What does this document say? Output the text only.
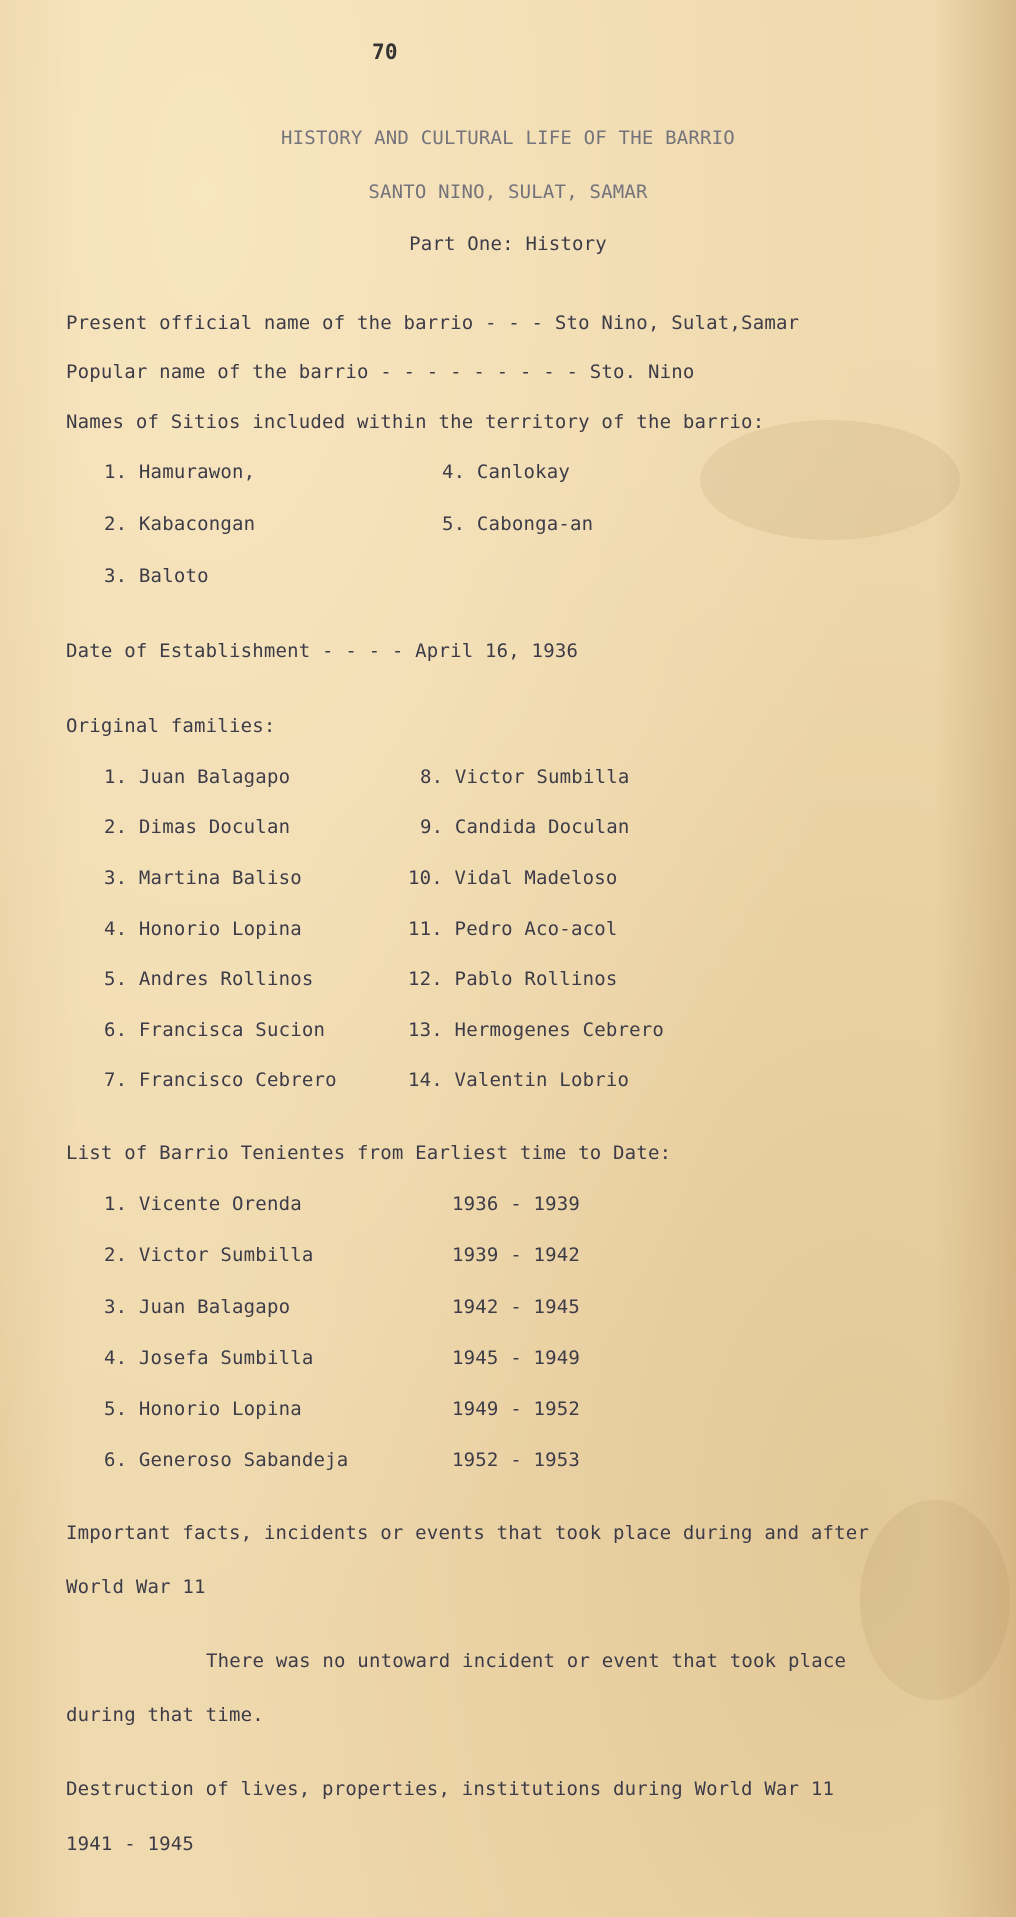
70
HISTORY AND CULTURAL LIFE OF THE BARRIO
SANTO NINO, SULAT, SAMAR
Part One: History
Present official name of the barrio - - - Sto Nino, Sulat,Samar
Popular name of the barrio - - - - - - - - - Sto. Nino
Names of Sitios included within the territory of the barrio:
1. Hamurawon,
2. Kabacongan
3. Baloto
4. Canlokay
5. Cabonga-an
Date of Establishment - - - - April 16, 1936
Original families:
1. Juan Balagapo
2. Dimas Doculan
3. Martina Baliso
4. Honorio Lopina
5. Andres Rollinos
6. Francisca Sucion
7. Francisco Cebrero
8. Victor Sumbilla
9. Candida Doculan
10. Vidal Madeloso
11. Pedro Aco-acol
12. Pablo Rollinos
13. Hermogenes Cebrero
14. Valentin Lobrio
List of Barrio Tenientes from Earliest time to Date:
1. Vicente Orenda	1936 - 1939
2. Victor Sumbilla	1939 - 1942
3. Juan Balagapo	1942 - 1945
4. Josefa Sumbilla	1945 - 1949
5. Honorio Lopina	1949 - 1952
6. Generoso Sabandeja	1952 - 1953
Important facts, incidents or events that took place during and after
World War 11
There was no untoward incident or event that took place
during that time.
Destruction of lives, properties, institutions during World War 11
1941 - 1945
